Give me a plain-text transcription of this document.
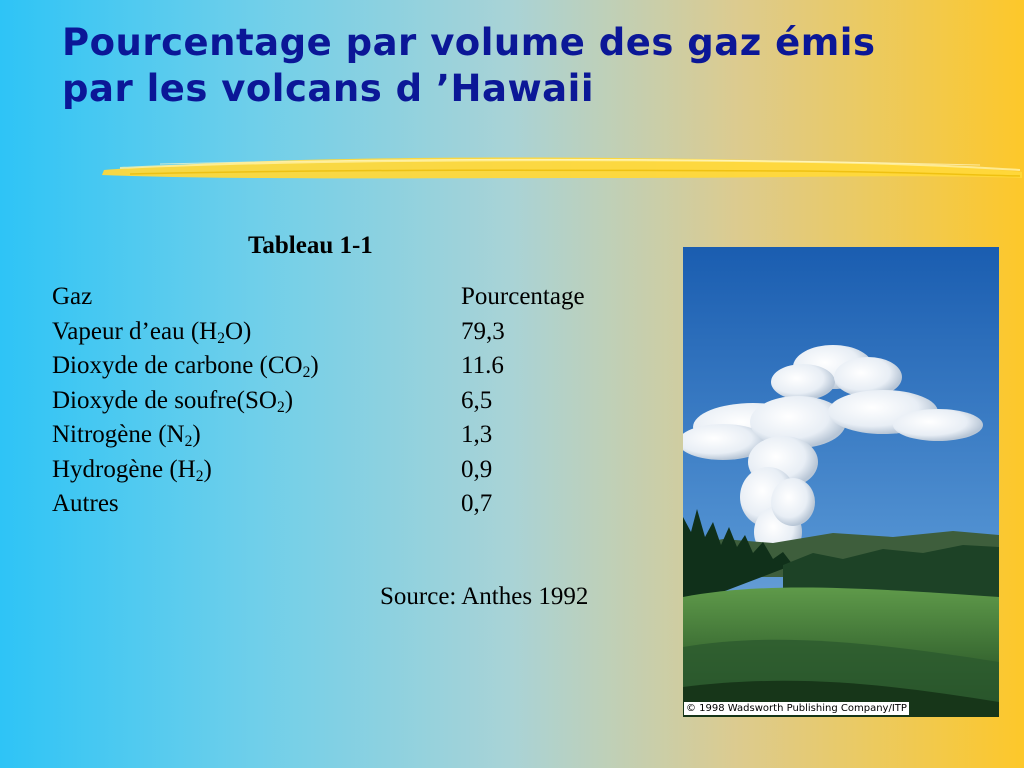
Pourcentage par volume des gaz émis
par les volcans d ’Hawaii
Tableau 1-1
Gaz	Pourcentage
Vapeur d’eau $(H_2O)$	79,3
Dioxyde de carbone $(CO_2)$	11.6
Dioxyde de $soufre(SO_2)$	6,5
Nitrogène $(N_2)$	1,3
Hydrogène $(H_2)$	0,9
Autres	0,7
Source: Anthes 1992
© 1998 Wadsworth Publishing Company/ITP
